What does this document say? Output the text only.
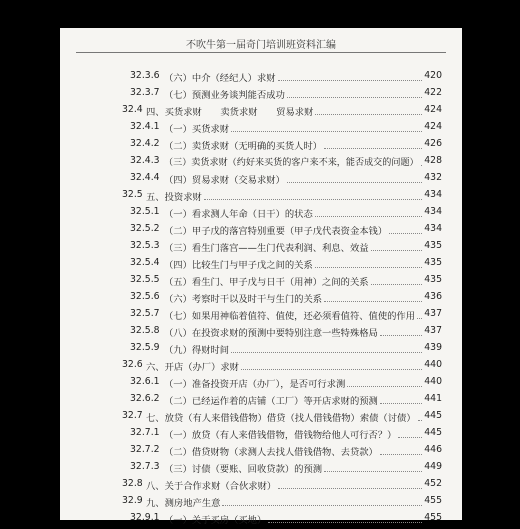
不吹牛第一届奇门培训班资料汇编
32.3.6 （六）中介（经纪人）求财	420
32.3.7 （七）预测业务谈判能否成功	422
32.4 四、买货求财　　卖货求财　　贸易求财	424
32.4.1 （一）买货求财	424
32.4.2 （二）卖货求财（无明确的买货人时）	426
32.4.3 （三）卖货求财（约好来买货的客户来不来，能否成交的问题） 428
32.4.4 （四）贸易求财（交易求财）	432
32.5 五、投资求财	434
32.5.1 （一）看求测人年命（日干）的状态	434
32.5.2 （二）甲子戊的落宫特别重要（甲子戊代表资金本钱）	434
32.5.3 （三）看生门落宫——生门代表利润、利息、效益	435
32.5.4 （四）比较生门与甲子戊之间的关系	435
32.5.5 （五）看生门、甲子戊与日干（用神）之间的关系	435
32.5.6 （六）考察时干以及时干与生门的关系	436
32.5.7 （七）如果用神临着值符、值使，还必须看值符、值使的作用 437
32.5.8 （八）在投资求财的预测中要特别注意一些特殊格局	437
32.5.9 （九）得财时间	439
32.6 六、开店（办厂）求财	440
32.6.1 （一）准备投资开店（办厂），是否可行求测	440
32.6.2 （二）已经运作着的店铺（工厂）等开店求财的预测	441
32.7 七、放贷（有人来借钱借物）借贷（找人借钱借物）索债（讨债） 445
32.7.1 （一）放贷（有人来借钱借物，借钱物给他人可行否？）	445
32.7.2 （二）借贷财物（求测人去找人借钱借物、去贷款）	446
32.7.3 （三）讨债（要账、回收贷款）的预测	449
32.8 八、关于合作求财（合伙求财）	452
32.9 九、测房地产生意	455
32.9.1 （一）关于买房（买地）	455
